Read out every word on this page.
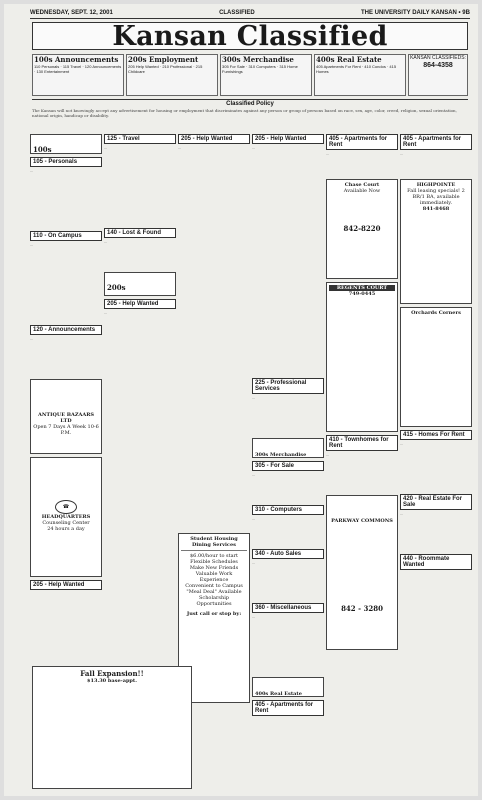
WEDNESDAY, SEPT. 12, 2001	CLASSIFIED	THE UNIVERSITY DAILY KANSAN • 9B
Kansan Classified
100s Announcements
110 Personals · 115 Travel · 120 Announcements · 130 Entertainment
200s Employment
205 Help Wanted · 210 Professional · 215 Childcare
300s Merchandise
305 For Sale · 310 Computers · 315 Home Furnishings
400s Real Estate
405 Apartments For Rent · 410 Condos · 415 Homes
KANSAN CLASSIFIEDS:
864-4358
Classified Policy
The Kansan will not knowingly accept any advertisement for housing or employment that discriminates against any person or group of persons based on race, sex, age, color, creed, religion, sexual orientation, national origin, handicap or disability.
100s
105 - Personals
...
110 - On Campus
...
120 - Announcements
...
ANTIQUE BAZAARS LTD
Open 7 Days A Week 10-6 P.M.
☎
HEADQUARTERS
Counseling Center
24 hours a day
205 - Help Wanted
125 - Travel
...
140 - Lost & Found
...
200s
205 - Help Wanted
...
205 - Help Wanted
...
Student Housing Dining Services
$6.00/hour to start
Flexible Schedules
Make New Friends
Valuable Work Experience
Convenient to Campus
"Meal Deal" Available
Scholarship Opportunities
Just call or stop by:
205 - Help Wanted
...
225 - Professional Services
...
300s Merchandise
305 - For Sale
...
310 - Computers
...
340 - Auto Sales
...
360 - Miscellaneous
...
400s Real Estate
405 - Apartments for Rent
405 - Apartments for Rent
...
Chase Court
Available Now
842-8220
REGENTS COURT
749-0445
410 - Townhomes for Rent
...
PARKWAY COMMONS
842 - 3280
405 - Apartments for Rent
...
HIGHPOINTE
Fall leasing specials! 2 BR/1 BA, available immediately.
841-8468
Orchards Corners
415 - Homes For Rent
...
420 - Real Estate For Sale
...
440 - Roommate Wanted
Fall Expansion!!
$13.30 base-appt.
